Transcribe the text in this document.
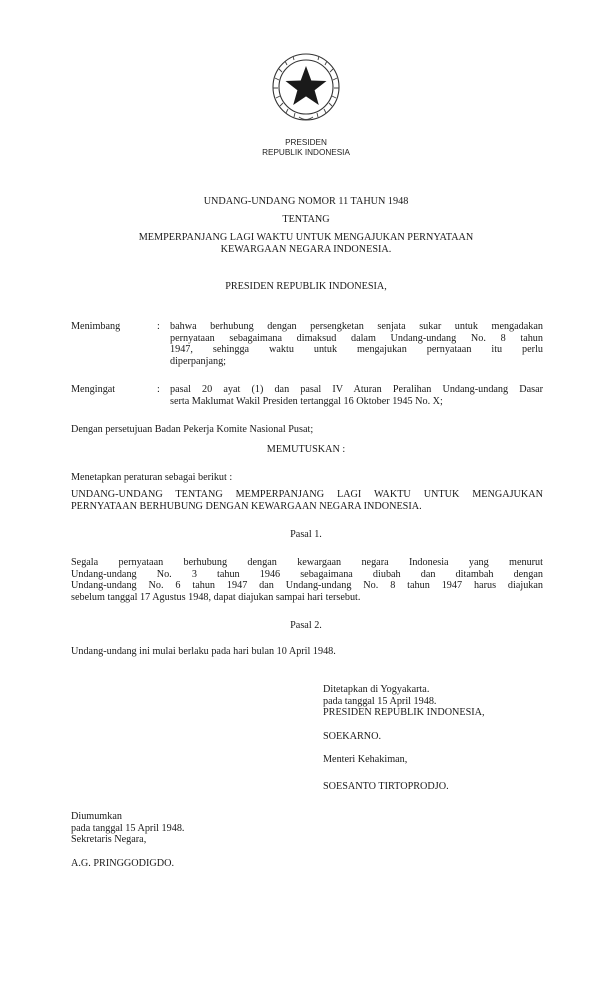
PRESIDEN
REPUBLIK INDONESIA
UNDANG-UNDANG NOMOR 11 TAHUN 1948
TENTANG
MEMPERPANJANG LAGI WAKTU UNTUK MENGAJUKAN PERNYATAAN
KEWARGAAN NEGARA INDONESIA.
PRESIDEN REPUBLIK INDONESIA,
Menimbang	: bahwa berhubung dengan persengketan senjata sukar untuk mengadakan
pernyataan sebagaimana dimaksud dalam Undang-undang No. 8 tahun
1947, sehingga waktu untuk mengajukan pernyataan itu perlu
diperpanjang;
Mengingat	: pasal 20 ayat (1) dan pasal IV Aturan Peralihan Undang-undang Dasar
serta Maklumat Wakil Presiden tertanggal 16 Oktober 1945 No. X;
Dengan persetujuan Badan Pekerja Komite Nasional Pusat;
MEMUTUSKAN :
Menetapkan peraturan sebagai berikut :
UNDANG-UNDANG TENTANG MEMPERPANJANG LAGI WAKTU UNTUK MENGAJUKAN
PERNYATAAN BERHUBUNG DENGAN KEWARGAAN NEGARA INDONESIA.
Pasal 1.
Segala pernyataan berhubung dengan kewargaan negara Indonesia yang menurut
Undang-undang No. 3 tahun 1946 sebagaimana diubah dan ditambah dengan
Undang-undang No. 6 tahun 1947 dan Undang-undang No. 8 tahun 1947 harus diajukan
sebelum tanggal 17 Agustus 1948, dapat diajukan sampai hari tersebut.
Pasal 2.
Undang-undang ini mulai berlaku pada hari bulan 10 April 1948.
Ditetapkan di Yogyakarta.
pada tanggal 15 April 1948.
PRESIDEN REPUBLIK INDONESIA,
SOEKARNO.
Menteri Kehakiman,
SOESANTO TIRTOPRODJO.
Diumumkan
pada tanggal 15 April 1948.
Sekretaris Negara,
A.G. PRINGGODIGDO.
